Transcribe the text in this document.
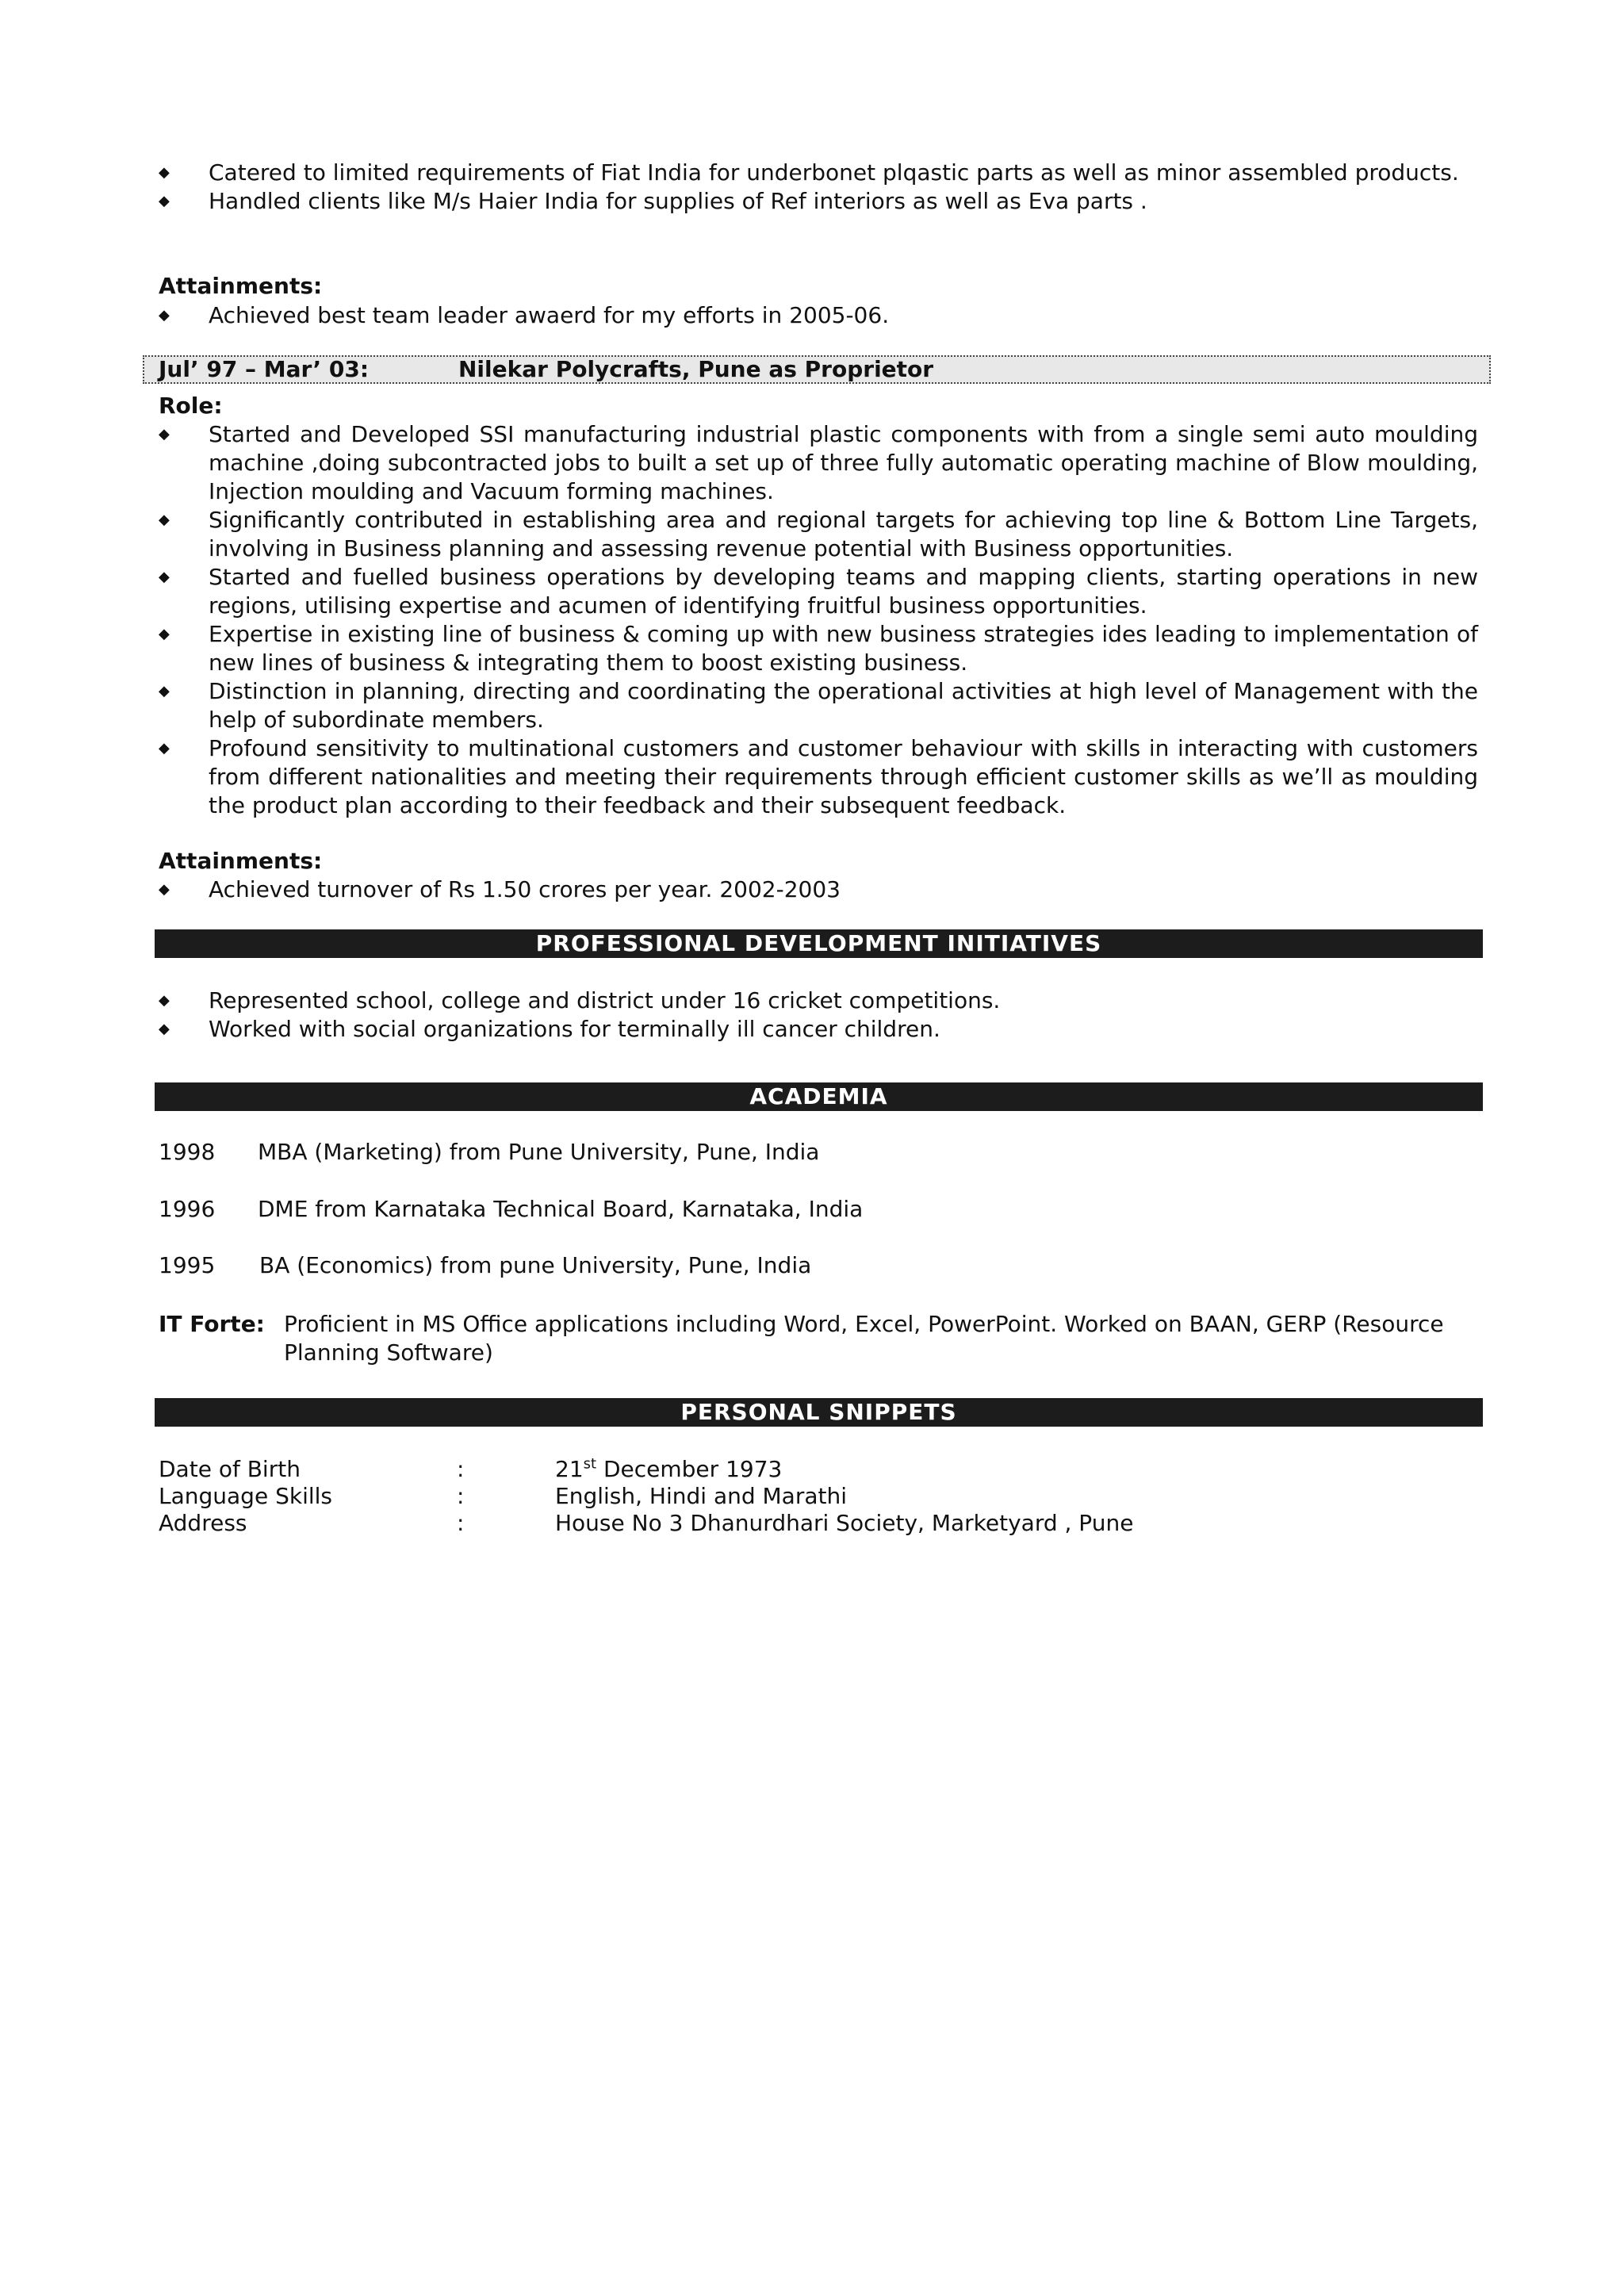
◆ Catered to limited requirements of Fiat India for underbonet plqastic parts as well as minor assembled products.
◆ Handled clients like M/s Haier India for supplies of Ref interiors as well as Eva parts .
Attainments:
◆ Achieved best team leader awaerd for my efforts in 2005-06.
Jul’ 97 – Mar’ 03:	Nilekar Polycrafts, Pune as Proprietor
Role:
◆ Started and Developed SSI manufacturing industrial plastic components with from a single semi auto moulding machine ,doing subcontracted jobs to built a set up of three fully automatic operating machine of Blow moulding, Injection moulding and Vacuum forming machines.
◆ Significantly contributed in establishing area and regional targets for achieving top line & Bottom Line Targets, involving in Business planning and assessing revenue potential with Business opportunities.
◆ Started and fuelled business operations by developing teams and mapping clients, starting operations in new regions, utilising expertise and acumen of identifying fruitful business opportunities.
◆ Expertise in existing line of business & coming up with new business strategies ides leading to implementation of new lines of business & integrating them to boost existing business.
◆ Distinction in planning, directing and coordinating the operational activities at high level of Management with the help of subordinate members.
◆ Profound sensitivity to multinational customers and customer behaviour with skills in interacting with customers from different nationalities and meeting their requirements through efficient customer skills as we’ll as moulding the product plan according to their feedback and their subsequent feedback.
Attainments:
◆ Achieved turnover of Rs 1.50 crores per year. 2002-2003
PROFESSIONAL DEVELOPMENT INITIATIVES
◆ Represented school, college and district under 16 cricket competitions.
◆ Worked with social organizations for terminally ill cancer children.
ACADEMIA
1998 MBA (Marketing) from Pune University, Pune, India
1996 DME from Karnataka Technical Board, Karnataka, India
1995 BA (Economics) from pune University, Pune, India
IT Forte: Proficient in MS Office applications including Word, Excel, PowerPoint. Worked on BAAN, GERP (Resource Planning Software)
PERSONAL SNIPPETS
Date of Birth	:	21st December 1973
Language Skills	:	English, Hindi and Marathi
Address	:	House No 3 Dhanurdhari Society, Marketyard , Pune
